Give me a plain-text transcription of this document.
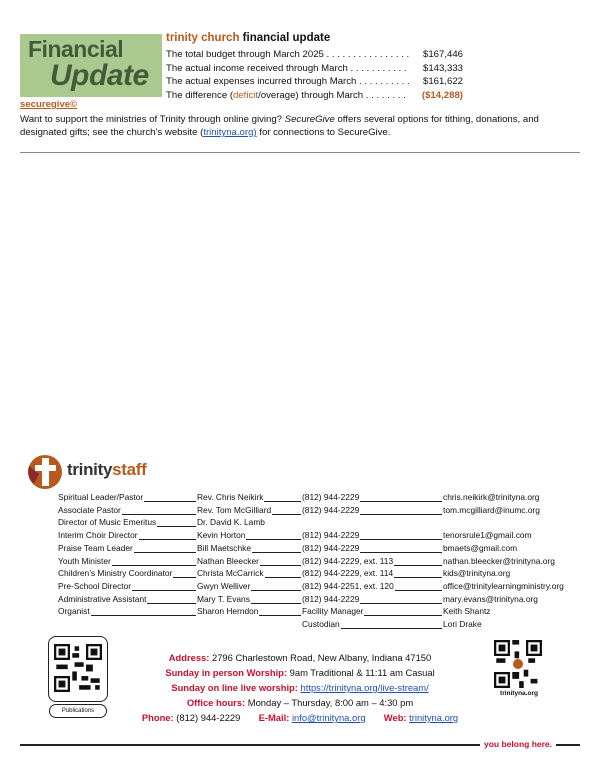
Financial
Update
trinity church financial update
The total budget through March 2025 . . . . . . . . . . . . . . . . $167,446
The actual income received through March . . . . . . . . . . . $143,333
The actual expenses incurred through March . . . . . . . . . . $161,622
The difference (deficit/overage) through March . . . . . . . . ($14,288)
securegive©
Want to support the ministries of Trinity through online giving? SecureGive offers several options for tithing, donations, and designated gifts; see the church’s website (trinityna.org) for connections to SecureGive.
trinitystaff
Spiritual Leader/Pastor	Rev. Chris Neikirk	(812) 944-2229	chris.neikirk@trinityna.org
Associate Pastor	Rev. Tom McGilliard	(812) 944-2229	tom.mcgilliard@inumc.org
Director of Music Emeritus	Dr. David K. Lamb
Interim Choir Director	Kevin Horton	(812) 944-2229	tenorsrule1@gmail.com
Praise Team Leader	Bill Maetschke	(812) 944-2229	bmaets@gmail.com
Youth Minister	Nathan Bleecker	(812) 944-2229, ext. 113	nathan.bleecker@trinityna.org
Children’s Ministry Coordinator	Christa McCarrick	(812) 944-2229, ext. 114	kids@trinityna.org
Pre-School Director	Gwyn Welliver	(812) 944-2251, ext. 120	office@trinitylearningministry.org
Administrative Assistant	Mary T. Evans	(812) 944-2229	mary.evans@trinityna.org
Organist	Sharon Herndon	Facility Manager	Keith Shantz
Custodian	Lori Drake
Publications
trinityna.org
Address: 2796 Charlestown Road, New Albany, Indiana 47150
Sunday in person Worship: 9am Traditional & 11:11 am Casual
Sunday on line live worship: https://trinityna.org/live-stream/
Office hours: Monday – Thursday, 8:00 am – 4:30 pm
Phone: (812) 944-2229 E-Mail: info@trinityna.org Web: trinityna.org
you belong here.
